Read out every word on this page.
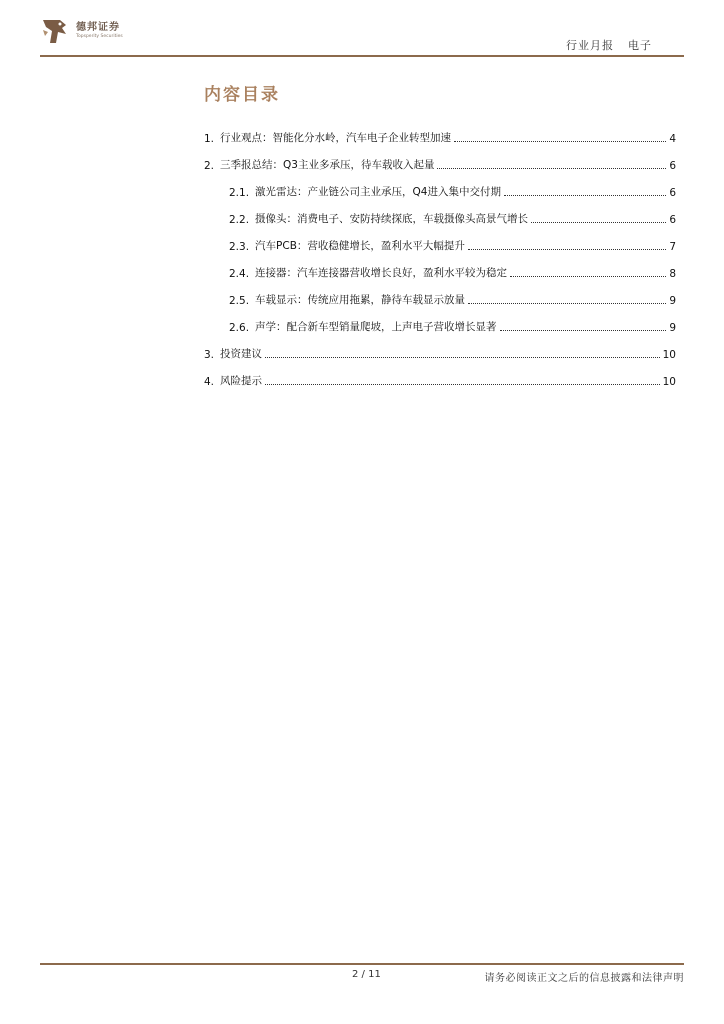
德邦证券
Topsperity Securities
行业月报 电子
内容目录
1. 行业观点：智能化分水岭，汽车电子企业转型加速	4
2. 三季报总结：Q3主业多承压，待车载收入起量	6
2.1. 激光雷达：产业链公司主业承压，Q4进入集中交付期	6
2.2. 摄像头：消费电子、安防持续探底，车载摄像头高景气增长	6
2.3. 汽车PCB：营收稳健增长，盈利水平大幅提升	7
2.4. 连接器：汽车连接器营收增长良好，盈利水平较为稳定	8
2.5. 车载显示：传统应用拖累，静待车载显示放量	9
2.6. 声学：配合新车型销量爬坡，上声电子营收增长显著	9
3. 投资建议	10
4. 风险提示	10
2 / 11	请务必阅读正文之后的信息披露和法律声明
